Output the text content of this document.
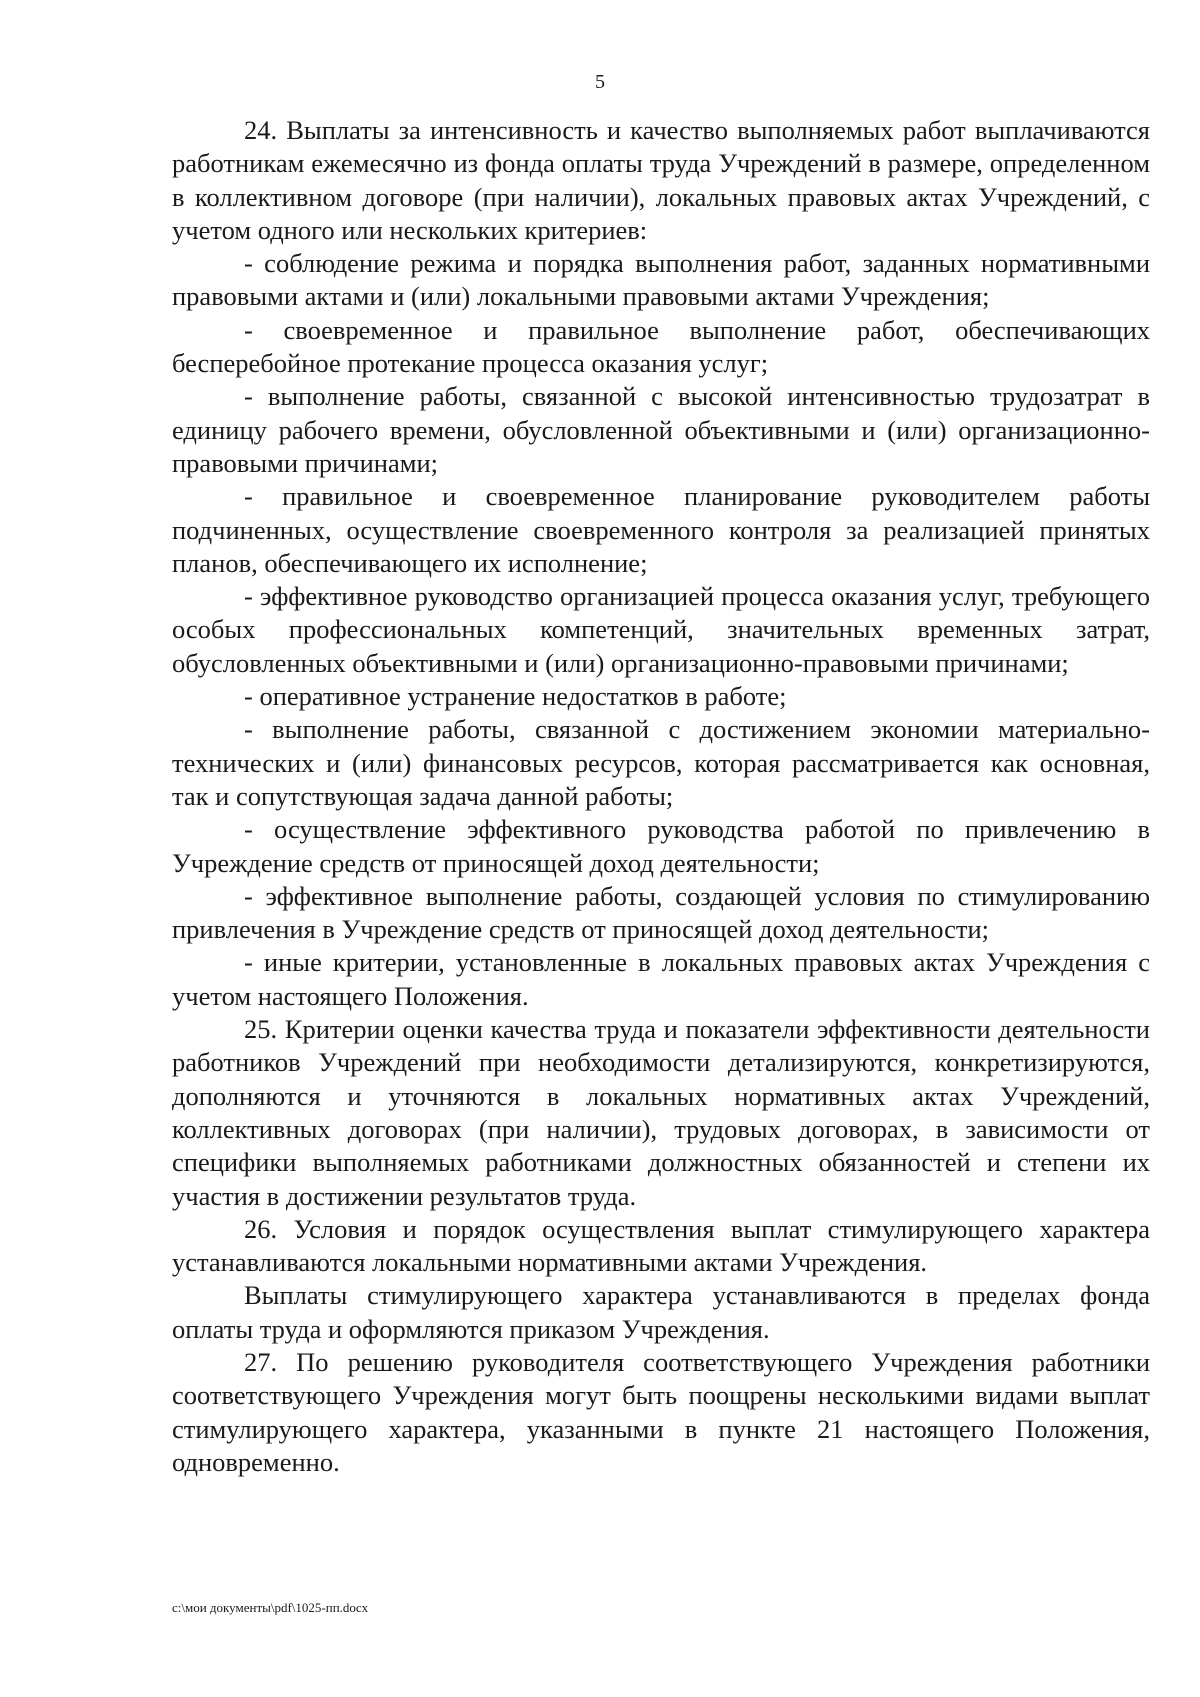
5

24. Выплаты за интенсивность и качество выполняемых работ выплачиваются работникам ежемесячно из фонда оплаты труда Учреждений в размере, определенном в коллективном договоре (при наличии), локальных правовых актах Учреждений, с учетом одного или нескольких критериев:

- соблюдение режима и порядка выполнения работ, заданных нормативными правовыми актами и (или) локальными правовыми актами Учреждения;

- своевременное и правильное выполнение работ, обеспечивающих бесперебойное протекание процесса оказания услуг;

- выполнение работы, связанной с высокой интенсивностью трудозатрат в единицу рабочего времени, обусловленной объективными и (или) организационно-правовыми причинами;

- правильное и своевременное планирование руководителем работы подчиненных, осуществление своевременного контроля за реализацией принятых планов, обеспечивающего их исполнение;

- эффективное руководство организацией процесса оказания услуг, требующего особых профессиональных компетенций, значительных временных затрат, обусловленных объективными и (или) организационно-правовыми причинами;

- оперативное устранение недостатков в работе;

- выполнение работы, связанной с достижением экономии материально-технических и (или) финансовых ресурсов, которая рассматривается как основная, так и сопутствующая задача данной работы;

- осуществление эффективного руководства работой по привлечению в Учреждение средств от приносящей доход деятельности;

- эффективное выполнение работы, создающей условия по стимулированию привлечения в Учреждение средств от приносящей доход деятельности;

- иные критерии, установленные в локальных правовых актах Учреждения с учетом настоящего Положения.

25. Критерии оценки качества труда и показатели эффективности деятельности работников Учреждений при необходимости детализируются, конкретизируются, дополняются и уточняются в локальных нормативных актах Учреждений, коллективных договорах (при наличии), трудовых договорах, в зависимости от специфики выполняемых работниками должностных обязанностей и степени их участия в достижении результатов труда.

26. Условия и порядок осуществления выплат стимулирующего характера устанавливаются локальными нормативными актами Учреждения.

Выплаты стимулирующего характера устанавливаются в пределах фонда оплаты труда и оформляются приказом Учреждения.

27. По решению руководителя соответствующего Учреждения работники соответствующего Учреждения могут быть поощрены несколькими видами выплат стимулирующего характера, указанными в пункте 21 настоящего Положения, одновременно.

c:\мои документы\pdf\1025-пп.docx
